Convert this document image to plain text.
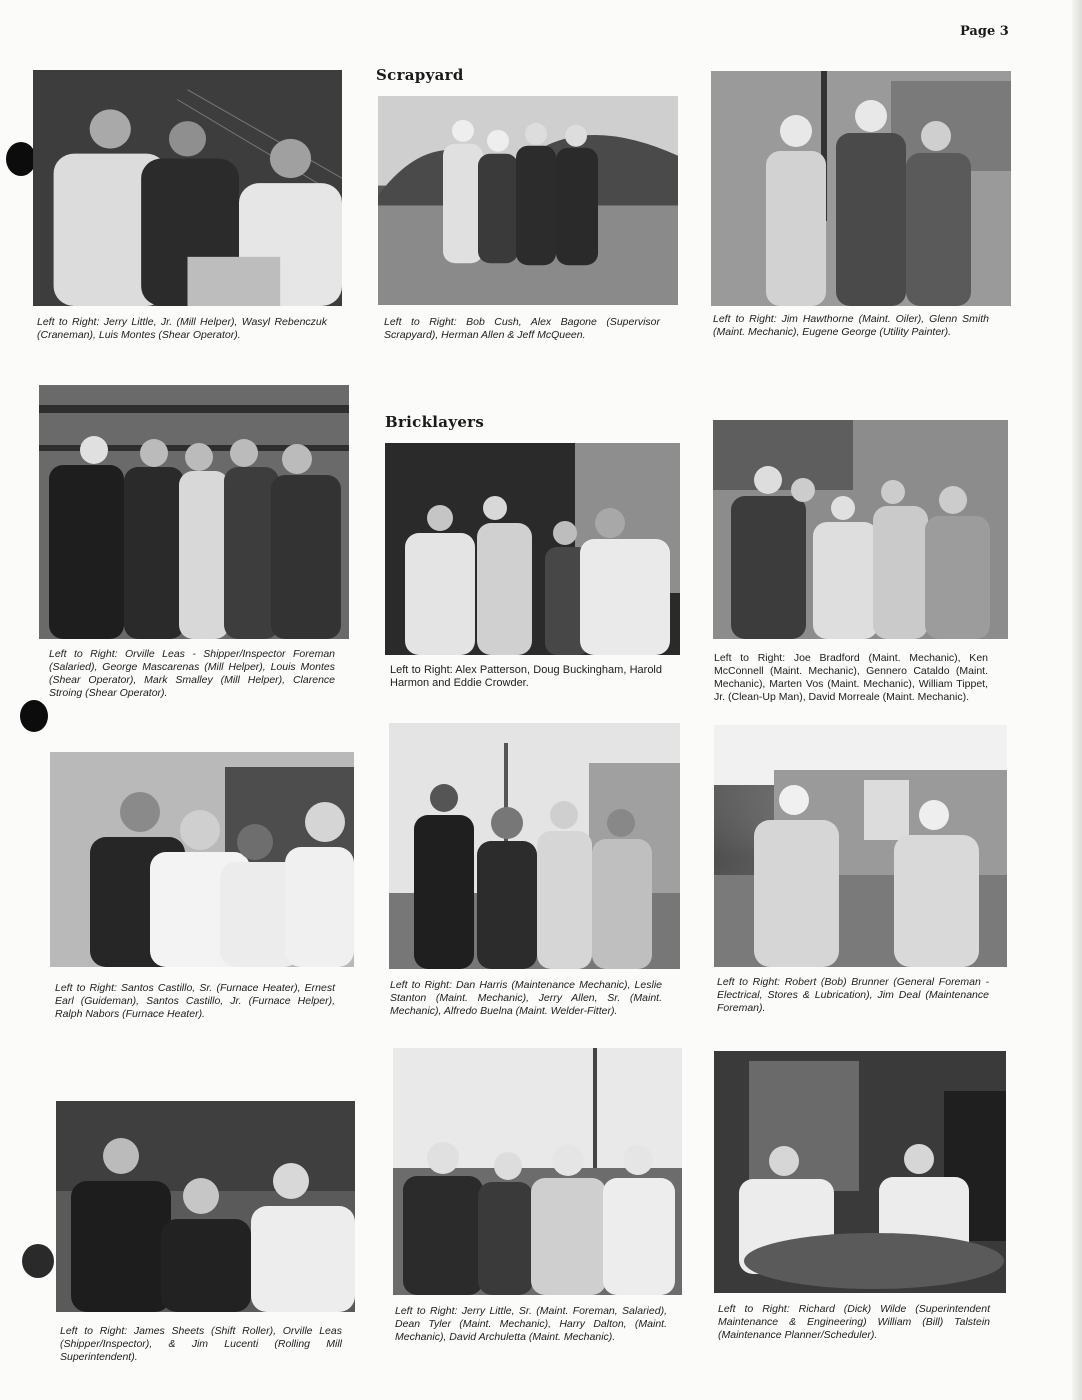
Page 3
Scrapyard
Bricklayers

Left to Right: Jerry Little, Jr. (Mill Helper), Wasyl Rebenczuk (Craneman), Luis Montes (Shear Operator).

Left to Right: Bob Cush, Alex Bagone (Supervisor Scrapyard), Herman Allen & Jeff McQueen.

Left to Right: Jim Hawthorne (Maint. Oiler), Glenn Smith (Maint. Mechanic), Eugene George (Utility Painter).

Left to Right: Orville Leas - Shipper/Inspector Foreman (Salaried), George Mascarenas (Mill Helper), Louis Montes (Shear Operator), Mark Smalley (Mill Helper), Clarence Stroing (Shear Operator).

Left to Right: Alex Patterson, Doug Buckingham, Harold Harmon and Eddie Crowder.

Left to Right: Joe Bradford (Maint. Mechanic), Ken McConnell (Maint. Mechanic), Gennero Cataldo (Maint. Mechanic), Marten Vos (Maint. Mechanic), William Tippet, Jr. (Clean-Up Man), David Morreale (Maint. Mechanic).

Left to Right: Santos Castillo, Sr. (Furnace Heater), Ernest Earl (Guideman), Santos Castillo, Jr. (Furnace Helper), Ralph Nabors (Furnace Heater).

Left to Right: Dan Harris (Maintenance Mechanic), Leslie Stanton (Maint. Mechanic), Jerry Allen, Sr. (Maint. Mechanic), Alfredo Buelna (Maint. Welder-Fitter).

Left to Right: Robert (Bob) Brunner (General Foreman - Electrical, Stores & Lubrication), Jim Deal (Maintenance Foreman).

Left to Right: James Sheets (Shift Roller), Orville Leas (Shipper/Inspector), & Jim Lucenti (Rolling Mill Superintendent).

Left to Right: Jerry Little, Sr. (Maint. Foreman, Salaried), Dean Tyler (Maint. Mechanic), Harry Dalton, (Maint. Mechanic), David Archuletta (Maint. Mechanic).

Left to Right: Richard (Dick) Wilde (Superintendent Maintenance & Engineering) William (Bill) Talstein (Maintenance Planner/Scheduler).
